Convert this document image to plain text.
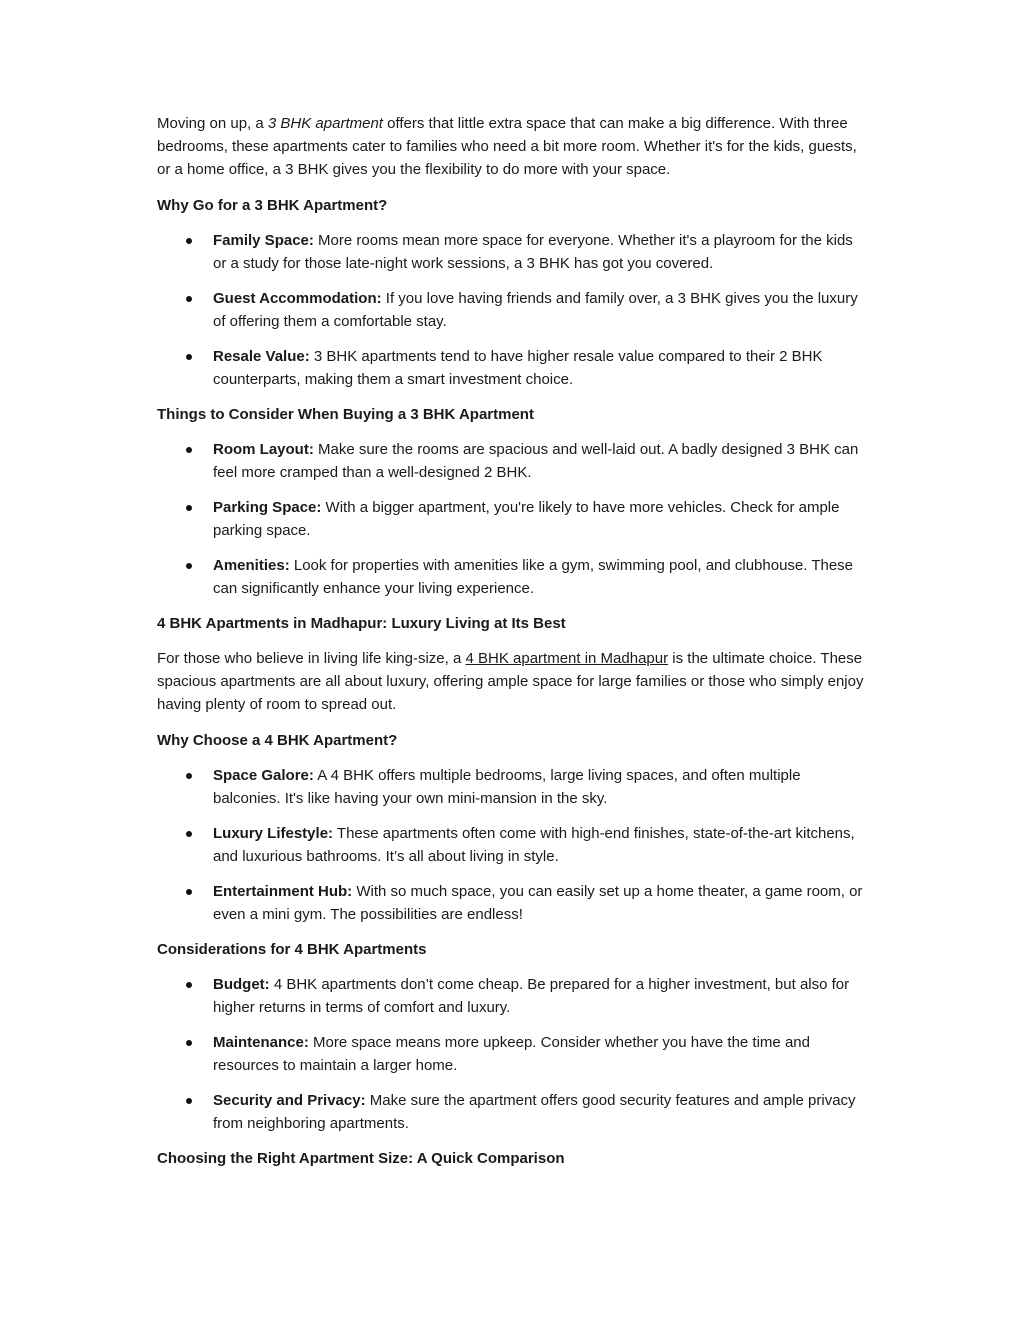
Moving on up, a 3 BHK apartment offers that little extra space that can make a big difference. With three bedrooms, these apartments cater to families who need a bit more room. Whether it's for the kids, guests, or a home office, a 3 BHK gives you the flexibility to do more with your space.

Why Go for a 3 BHK Apartment?

Family Space: More rooms mean more space for everyone. Whether it's a playroom for the kids or a study for those late-night work sessions, a 3 BHK has got you covered.
Guest Accommodation: If you love having friends and family over, a 3 BHK gives you the luxury of offering them a comfortable stay.
Resale Value: 3 BHK apartments tend to have higher resale value compared to their 2 BHK counterparts, making them a smart investment choice.

Things to Consider When Buying a 3 BHK Apartment

Room Layout: Make sure the rooms are spacious and well-laid out. A badly designed 3 BHK can feel more cramped than a well-designed 2 BHK.
Parking Space: With a bigger apartment, you're likely to have more vehicles. Check for ample parking space.
Amenities: Look for properties with amenities like a gym, swimming pool, and clubhouse. These can significantly enhance your living experience.

4 BHK Apartments in Madhapur: Luxury Living at Its Best

For those who believe in living life king-size, a 4 BHK apartment in Madhapur is the ultimate choice. These spacious apartments are all about luxury, offering ample space for large families or those who simply enjoy having plenty of room to spread out.

Why Choose a 4 BHK Apartment?

Space Galore: A 4 BHK offers multiple bedrooms, large living spaces, and often multiple balconies. It's like having your own mini-mansion in the sky.
Luxury Lifestyle: These apartments often come with high-end finishes, state-of-the-art kitchens, and luxurious bathrooms. It’s all about living in style.
Entertainment Hub: With so much space, you can easily set up a home theater, a game room, or even a mini gym. The possibilities are endless!

Considerations for 4 BHK Apartments

Budget: 4 BHK apartments don’t come cheap. Be prepared for a higher investment, but also for higher returns in terms of comfort and luxury.
Maintenance: More space means more upkeep. Consider whether you have the time and resources to maintain a larger home.
Security and Privacy: Make sure the apartment offers good security features and ample privacy from neighboring apartments.

Choosing the Right Apartment Size: A Quick Comparison
